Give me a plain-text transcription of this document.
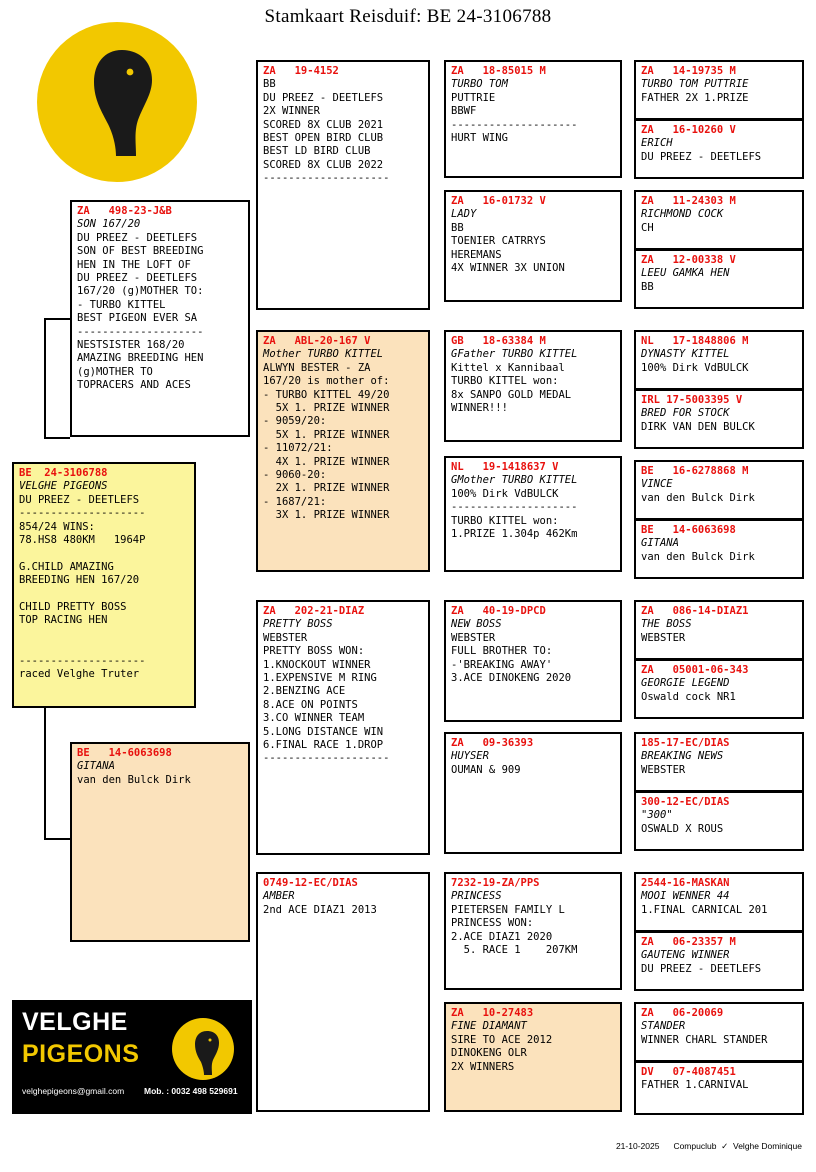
Stamkaart Reisduif: BE 24-3106788
ZA   498-23-J&B
SON 167/20
DU PREEZ - DEETLEFS
SON OF BEST BREEDING
HEN IN THE LOFT OF
DU PREEZ - DEETLEFS
167/20 (g)MOTHER TO:
- TURBO KITTEL
BEST PIGEON EVER SA
--------------------
NESTSISTER 168/20
AMAZING BREEDING HEN
(g)MOTHER TO
TOPRACERS AND ACES
BE  24-3106788
VELGHE PIGEONS
DU PREEZ - DEETLEFS
--------------------
854/24 WINS:
78.HS8 480KM   1964P

G.CHILD AMAZING
BREEDING HEN 167/20

CHILD PRETTY BOSS
TOP RACING HEN

--------------------
raced Velghe Truter
BE   14-6063698
GITANA
van den Bulck Dirk
ZA   19-4152
BB
DU PREEZ - DEETLEFS
2X WINNER
SCORED 8X CLUB 2021
BEST OPEN BIRD CLUB
BEST LD BIRD CLUB
SCORED 8X CLUB 2022
--------------------
ZA   ABL-20-167 V
Mother TURBO KITTEL
ALWYN BESTER - ZA
167/20 is mother of:
- TURBO KITTEL 49/20
5X 1. PRIZE WINNER
- 9059/20:
5X 1. PRIZE WINNER
- 11072/21:
4X 1. PRIZE WINNER
- 9060-20:
2X 1. PRIZE WINNER
- 1687/21:
3X 1. PRIZE WINNER
ZA   202-21-DIAZ
PRETTY BOSS
WEBSTER
PRETTY BOSS WON:
1.KNOCKOUT WINNER
1.EXPENSIVE M RING
2.BENZING ACE
8.ACE ON POINTS
3.CO WINNER TEAM
5.LONG DISTANCE WIN
6.FINAL RACE 1.DROP
--------------------
0749-12-EC/DIAS
AMBER
2nd ACE DIAZ1 2013
ZA   18-85015 M
TURBO TOM
PUTTRIE
BBWF
--------------------
HURT WING
ZA   16-01732 V
LADY
BB
TOENIER CATRRYS
HEREMANS
4X WINNER 3X UNION
GB   18-63384 M
GFather TURBO KITTEL
Kittel x Kannibaal
TURBO KITTEL won:
8x SANPO GOLD MEDAL
WINNER!!!
NL   19-1418637 V
GMother TURBO KITTEL
100% Dirk VdBULCK
--------------------
TURBO KITTEL won:
1.PRIZE 1.304p 462Km
ZA   40-19-DPCD
NEW BOSS
WEBSTER
FULL BROTHER TO:
-'BREAKING AWAY'
3.ACE DINOKENG 2020
ZA   09-36393
HUYSER
OUMAN & 909
7232-19-ZA/PPS
PRINCESS
PIETERSEN FAMILY L
PRINCESS WON:
2.ACE DIAZ1 2020
5. RACE 1    207KM
ZA   10-27483
FINE DIAMANT
SIRE TO ACE 2012
DINOKENG OLR
2X WINNERS
ZA   14-19735 M
TURBO TOM PUTTRIE
FATHER 2X 1.PRIZE
ZA   16-10260 V
ERICH
DU PREEZ - DEETLEFS
ZA   11-24303 M
RICHMOND COCK
CH
ZA   12-00338 V
LEEU GAMKA HEN
BB
NL   17-1848806 M
DYNASTY KITTEL
100% Dirk VdBULCK
IRL 17-5003395 V
BRED FOR STOCK
DIRK VAN DEN BULCK
BE   16-6278868 M
VINCE
van den Bulck Dirk
BE   14-6063698
GITANA
van den Bulck Dirk
ZA   086-14-DIAZ1
THE BOSS
WEBSTER
ZA   05001-06-343
GEORGIE LEGEND
Oswald cock NR1
185-17-EC/DIAS
BREAKING NEWS
WEBSTER
300-12-EC/DIAS
"300"
OSWALD X ROUS
2544-16-MASKAN
MOOI WENNER 44
1.FINAL CARNICAL 201
ZA   06-23357 M
GAUTENG WINNER
DU PREEZ - DEETLEFS
ZA   06-20069
STANDER
WINNER CHARL STANDER
DV   07-4087451
FATHER 1.CARNIVAL
VELGHE
PIGEONS
velghepigeons@gmail.com Mob. : 0032 498 529691

21-10-2025 Compuclub  ✓  Velghe Dominique
